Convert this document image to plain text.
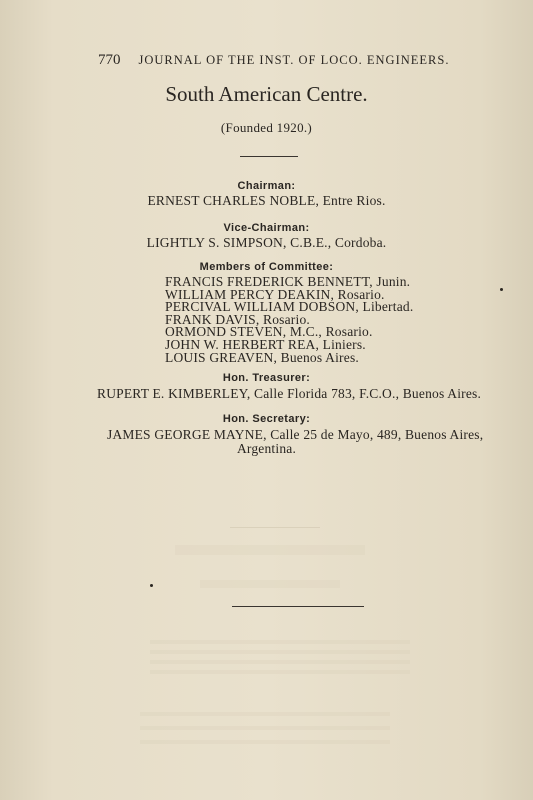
770 JOURNAL OF THE INST. OF LOCO. ENGINEERS.
South American Centre.
(Founded 1920.)
Chairman:
ERNEST CHARLES NOBLE, Entre Rios.
Vice-Chairman:
LIGHTLY S. SIMPSON, C.B.E., Cordoba.
Members of Committee:
FRANCIS FREDERICK BENNETT, Junin.
WILLIAM PERCY DEAKIN, Rosario.
PERCIVAL WILLIAM DOBSON, Libertad.
FRANK DAVIS, Rosario.
ORMOND STEVEN, M.C., Rosario.
JOHN W. HERBERT REA, Liniers.
LOUIS GREAVEN, Buenos Aires.
Hon. Treasurer:
RUPERT E. KIMBERLEY, Calle Florida 783, F.C.O., Buenos Aires.
Hon. Secretary:
JAMES GEORGE MAYNE, Calle 25 de Mayo, 489, Buenos Aires,
Argentina.
